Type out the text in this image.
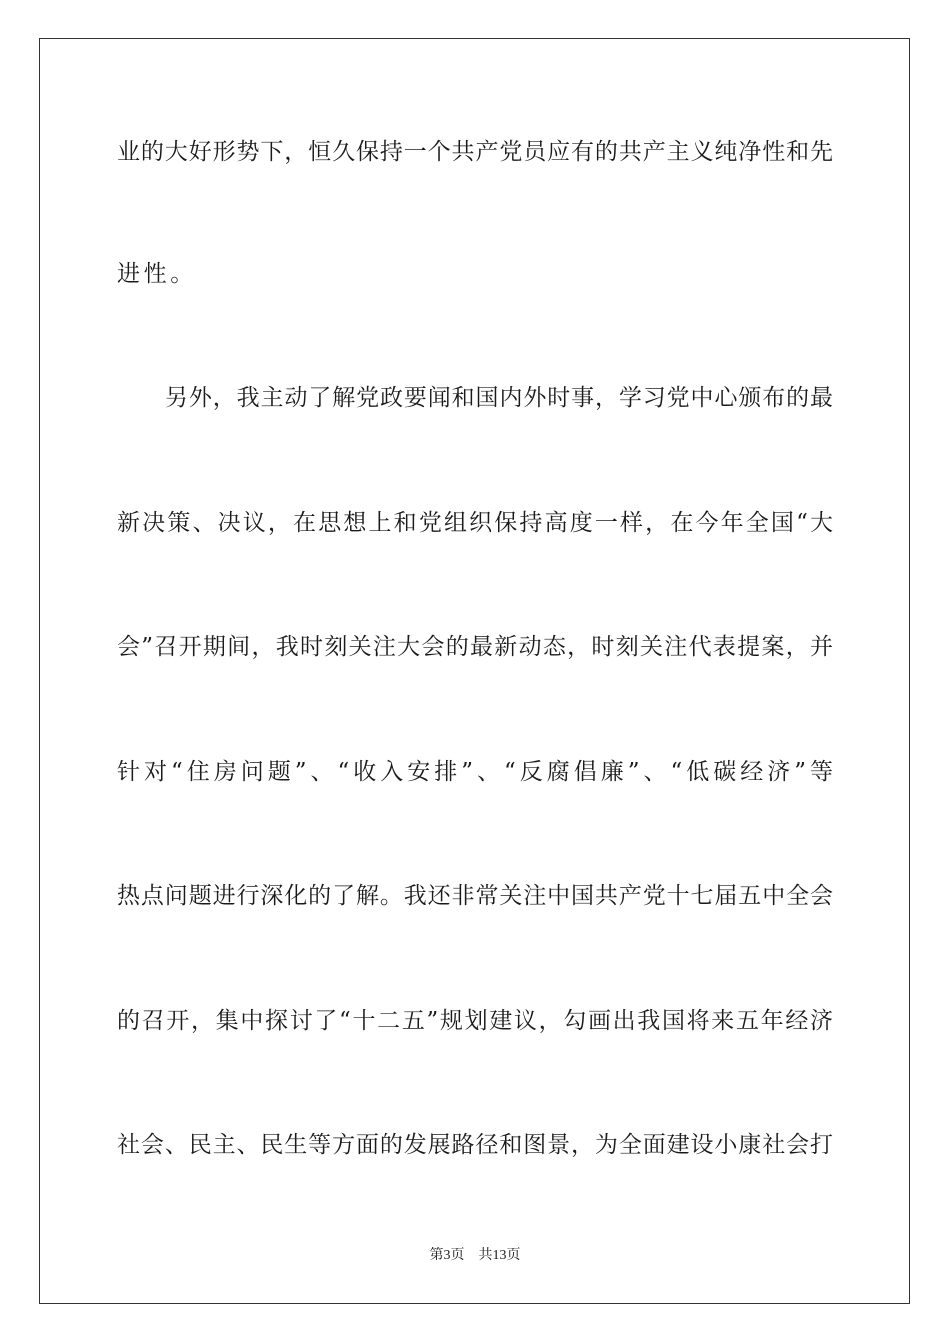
业的大好形势下，恒久保持一个共产党员应有的共产主义纯净性和先
进性。
另外，我主动了解党政要闻和国内外时事，学习党中心颁布的最
新决策、决议，在思想上和党组织保持高度一样，在今年全国“大
会”召开期间，我时刻关注大会的最新动态，时刻关注代表提案，并
针对“住房问题”、“收入安排”、“反腐倡廉”、“低碳经济”等
热点问题进行深化的了解。我还非常关注中国共产党十七届五中全会
的召开，集中探讨了“十二五”规划建议，勾画出我国将来五年经济
社会、民主、民生等方面的发展路径和图景，为全面建设小康社会打
第3页 共13页
